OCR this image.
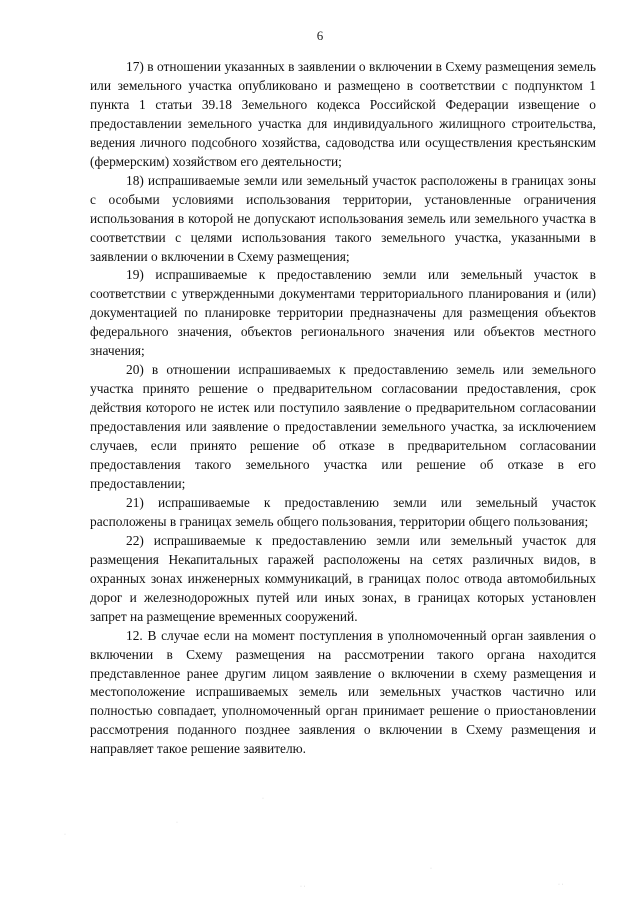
6

17) в отношении указанных в заявлении о включении в Схему размещения земель или земельного участка опубликовано и размещено в соответствии с подпунктом 1 пункта 1 статьи 39.18 Земельного кодекса Российской Федерации извещение о предоставлении земельного участка для индивидуального жилищного строительства, ведения личного подсобного хозяйства, садоводства или осуществления крестьянским (фермерским) хозяйством его деятельности;

18) испрашиваемые земли или земельный участок расположены в границах зоны с особыми условиями использования территории, установленные ограничения использования в которой не допускают использования земель или земельного участка в соответствии с целями использования такого земельного участка, указанными в заявлении о включении в Схему размещения;

19) испрашиваемые к предоставлению земли или земельный участок в соответствии с утвержденными документами территориального планирования и (или) документацией по планировке территории предназначены для размещения объектов федерального значения, объектов регионального значения или объектов местного значения;

20) в отношении испрашиваемых к предоставлению земель или земельного участка принято решение о предварительном согласовании предоставления, срок действия которого не истек или поступило заявление о предварительном согласовании предоставления или заявление о предоставлении земельного участка, за исключением случаев, если принято решение об отказе в предварительном согласовании предоставления такого земельного участка или решение об отказе в его предоставлении;

21) испрашиваемые к предоставлению земли или земельный участок расположены в границах земель общего пользования, территории общего пользования;

22) испрашиваемые к предоставлению земли или земельный участок для размещения Некапитальных гаражей расположены на сетях различных видов, в охранных зонах инженерных коммуникаций, в границах полос отвода автомобильных дорог и железнодорожных путей или иных зонах, в границах которых установлен запрет на размещение временных сооружений.

12. В случае если на момент поступления в уполномоченный орган заявления о включении в Схему размещения на рассмотрении такого органа находится представленное ранее другим лицом заявление о включении в схему размещения и местоположение испрашиваемых земель или земельных участков частично или полностью совпадает, уполномоченный орган принимает решение о приостановлении рассмотрения поданного позднее заявления о включении в Схему размещения и направляет такое решение заявителю.

·
·
· ·
·
· ·
·
